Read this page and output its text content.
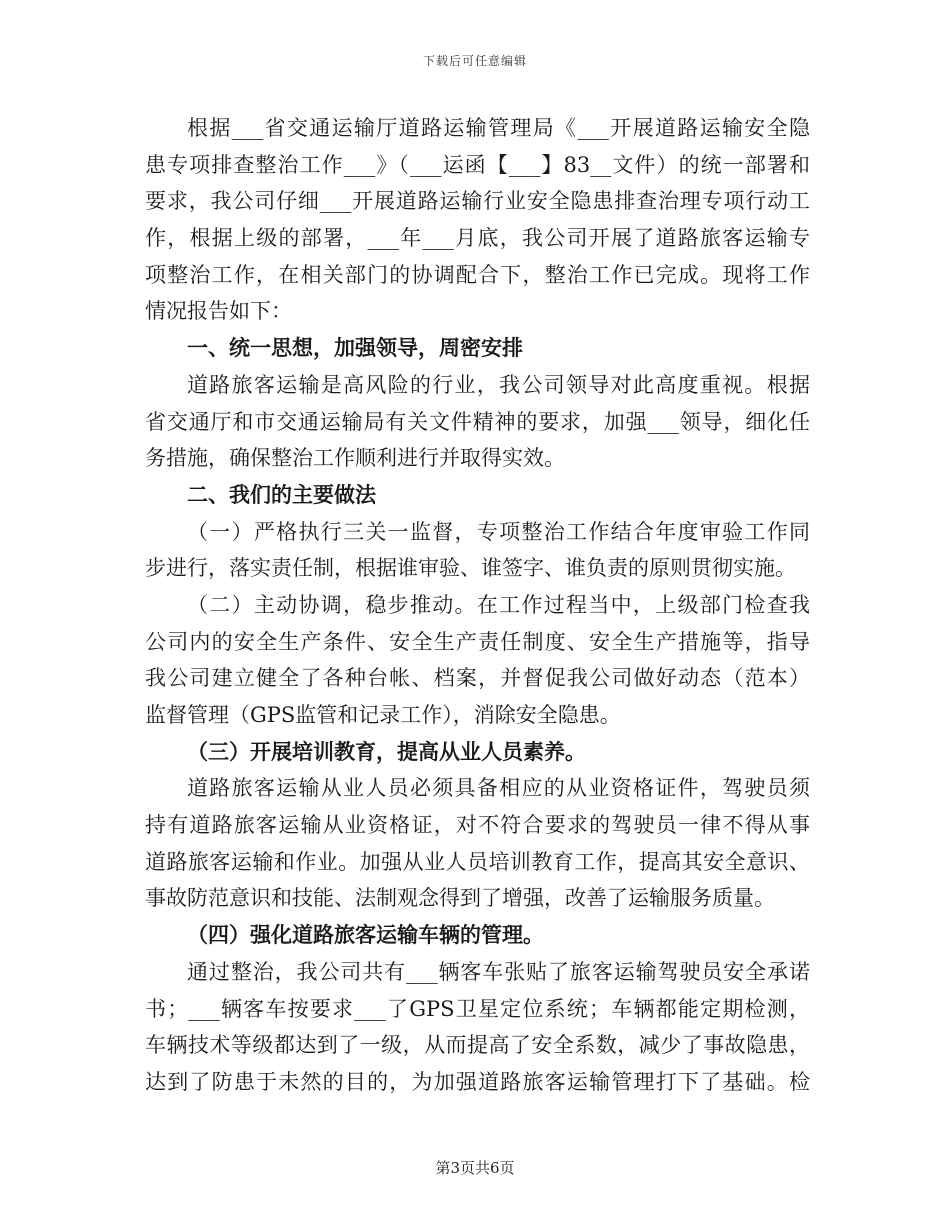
下载后可任意编辑
根据___省交通运输厅道路运输管理局《___开展道路运输安全隐
患专项排查整治工作___》（___运函【___】83__文件）的统一部署和
要求，我公司仔细___开展道路运输行业安全隐患排查治理专项行动工
作，根据上级的部署，___年___月底，我公司开展了道路旅客运输专
项整治工作，在相关部门的协调配合下，整治工作已完成。现将工作
情况报告如下：
一、统一思想，加强领导，周密安排
道路旅客运输是高风险的行业，我公司领导对此高度重视。根据
省交通厅和市交通运输局有关文件精神的要求，加强___领导，细化任
务措施，确保整治工作顺利进行并取得实效。
二、我们的主要做法
（一）严格执行三关一监督，专项整治工作结合年度审验工作同
步进行，落实责任制，根据谁审验、谁签字、谁负责的原则贯彻实施。
（二）主动协调，稳步推动。在工作过程当中，上级部门检查我
公司内的安全生产条件、安全生产责任制度、安全生产措施等，指导
我公司建立健全了各种台帐、档案，并督促我公司做好动态（范本）
监督管理（GPS监管和记录工作），消除安全隐患。
（三）开展培训教育，提高从业人员素养。
道路旅客运输从业人员必须具备相应的从业资格证件，驾驶员须
持有道路旅客运输从业资格证，对不符合要求的驾驶员一律不得从事
道路旅客运输和作业。加强从业人员培训教育工作，提高其安全意识、
事故防范意识和技能、法制观念得到了增强，改善了运输服务质量。
（四）强化道路旅客运输车辆的管理。
通过整治，我公司共有___辆客车张贴了旅客运输驾驶员安全承诺
书；___辆客车按要求___了GPS卫星定位系统；车辆都能定期检测，
车辆技术等级都达到了一级，从而提高了安全系数，减少了事故隐患，
达到了防患于未然的目的，为加强道路旅客运输管理打下了基础。检
第3页共6页
